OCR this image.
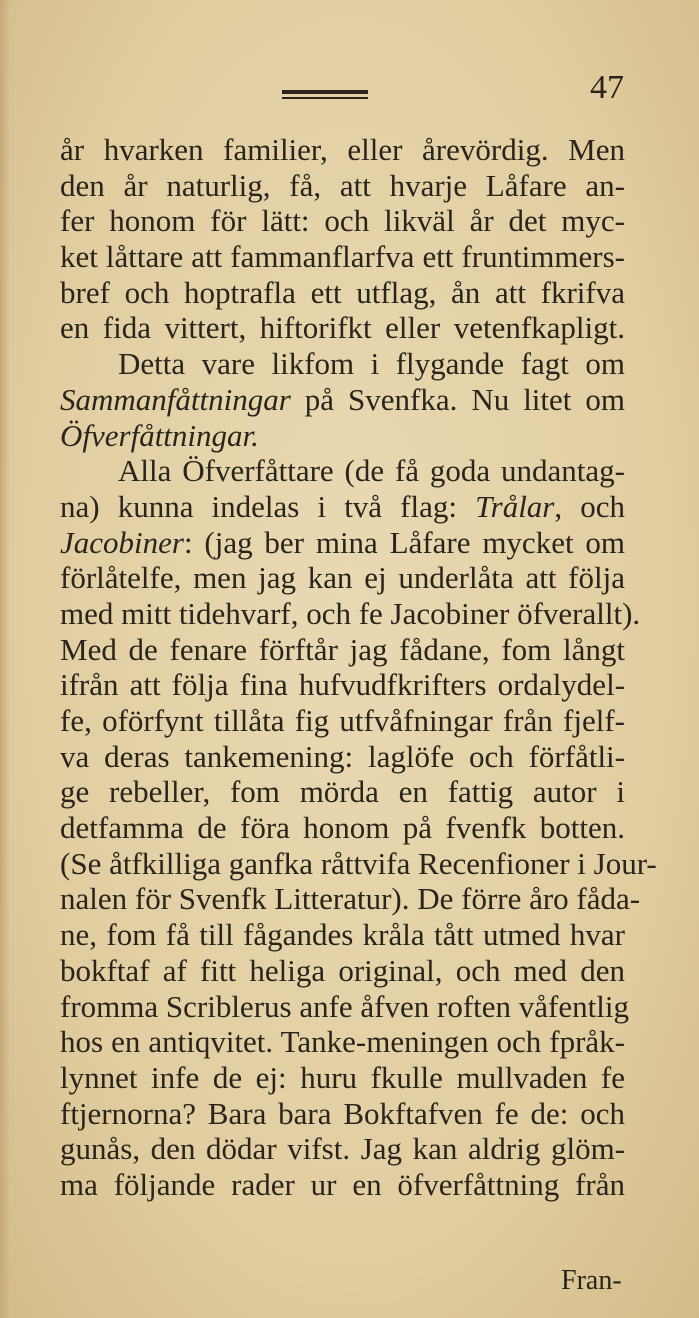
47
år hvarken familier, eller årevördig. Men
den år naturlig, få, att hvarje Låfare an-
fer honom för lätt: och likväl år det myc-
ket låttare att fammanflarfva ett fruntimmers-
bref och hoptrafla ett utflag, ån att fkrifva
en fida vittert, hiftorifkt eller vetenfkapligt.
Detta vare likfom i flygande fagt om
Sammanfåttningar på Svenfka. Nu litet om
Öfverfåttningar.
Alla Öfverfåttare (de få goda undantag-
na) kunna indelas i två flag: Trålar, och
Jacobiner: (jag ber mina Låfare mycket om
förlåtelfe, men jag kan ej underlåta att följa
med mitt tidehvarf, och fe Jacobiner öfverallt).
Med de fenare förftår jag fådane, fom långt
ifrån att följa fina hufvudfkrifters ordalydel-
fe, oförfynt tillåta fig utfvåfningar från fjelf-
va deras tankemening: laglöfe och förfåtli-
ge rebeller, fom mörda en fattig autor i
detfamma de föra honom på fvenfk botten.
(Se åtfkilliga ganfka råttvifa Recenfioner i Jour-
nalen för Svenfk Litteratur). De förre åro fåda-
ne, fom få till fågandes kråla tått utmed hvar
bokftaf af fitt heliga original, och med den
fromma Scriblerus anfe åfven roften våfentlig
hos en antiqvitet. Tanke-meningen och fpråk-
lynnet infe de ej: huru fkulle mullvaden fe
ftjernorna? Bara bara Bokftafven fe de: och
gunås, den dödar vifst. Jag kan aldrig glöm-
ma följande rader ur en öfverfåttning från
Fran-
